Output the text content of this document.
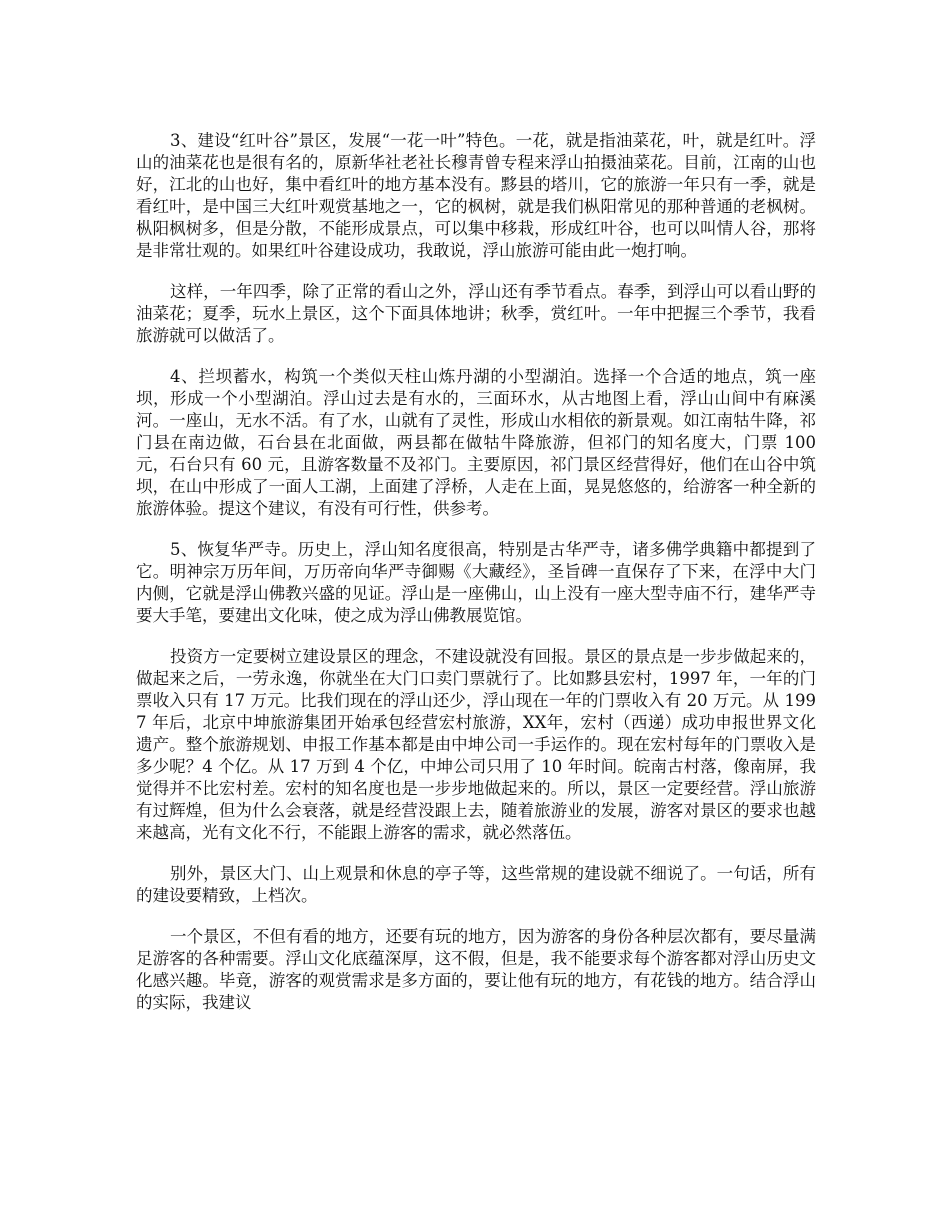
3、建设“红叶谷”景区，发展“一花一叶”特色。一花，就是指油菜花，叶，就是红叶。浮山的油菜花也是很有名的，原新华社老社长穆青曾专程来浮山拍摄油菜花。目前，江南的山也好，江北的山也好，集中看红叶的地方基本没有。黟县的塔川，它的旅游一年只有一季，就是看红叶，是中国三大红叶观赏基地之一，它的枫树，就是我们枞阳常见的那种普通的老枫树。枞阳枫树多，但是分散，不能形成景点，可以集中移栽，形成红叶谷，也可以叫情人谷，那将是非常壮观的。如果红叶谷建设成功，我敢说，浮山旅游可能由此一炮打响。

这样，一年四季，除了正常的看山之外，浮山还有季节看点。春季，到浮山可以看山野的油菜花；夏季，玩水上景区，这个下面具体地讲；秋季，赏红叶。一年中把握三个季节，我看旅游就可以做活了。

4、拦坝蓄水，构筑一个类似天柱山炼丹湖的小型湖泊。选择一个合适的地点，筑一座坝，形成一个小型湖泊。浮山过去是有水的，三面环水，从古地图上看，浮山山间中有麻溪河。一座山，无水不活。有了水，山就有了灵性，形成山水相依的新景观。如江南牯牛降，祁门县在南边做，石台县在北面做，两县都在做牯牛降旅游，但祁门的知名度大，门票 100 元，石台只有 60 元，且游客数量不及祁门。主要原因，祁门景区经营得好，他们在山谷中筑坝，在山中形成了一面人工湖，上面建了浮桥，人走在上面，晃晃悠悠的，给游客一种全新的旅游体验。提这个建议，有没有可行性，供参考。

5、恢复华严寺。历史上，浮山知名度很高，特别是古华严寺，诸多佛学典籍中都提到了它。明神宗万历年间，万历帝向华严寺御赐《大藏经》，圣旨碑一直保存了下来，在浮中大门内侧，它就是浮山佛教兴盛的见证。浮山是一座佛山，山上没有一座大型寺庙不行，建华严寺要大手笔，要建出文化味，使之成为浮山佛教展览馆。

投资方一定要树立建设景区的理念，不建设就没有回报。景区的景点是一步步做起来的，做起来之后，一劳永逸，你就坐在大门口卖门票就行了。比如黟县宏村，1997 年，一年的门票收入只有 17 万元。比我们现在的浮山还少，浮山现在一年的门票收入有 20 万元。从 1997 年后，北京中坤旅游集团开始承包经营宏村旅游，XX年，宏村（西递）成功申报世界文化遗产。整个旅游规划、申报工作基本都是由中坤公司一手运作的。现在宏村每年的门票收入是多少呢？4 个亿。从 17 万到 4 个亿，中坤公司只用了 10 年时间。皖南古村落，像南屏，我觉得并不比宏村差。宏村的知名度也是一步步地做起来的。所以，景区一定要经营。浮山旅游有过辉煌，但为什么会衰落，就是经营没跟上去，随着旅游业的发展，游客对景区的要求也越来越高，光有文化不行，不能跟上游客的需求，就必然落伍。

别外，景区大门、山上观景和休息的亭子等，这些常规的建设就不细说了。一句话，所有的建设要精致，上档次。

一个景区，不但有看的地方，还要有玩的地方，因为游客的身份各种层次都有，要尽量满足游客的各种需要。浮山文化底蕴深厚，这不假，但是，我不能要求每个游客都对浮山历史文化感兴趣。毕竟，游客的观赏需求是多方面的，要让他有玩的地方，有花钱的地方。结合浮山的实际，我建议
